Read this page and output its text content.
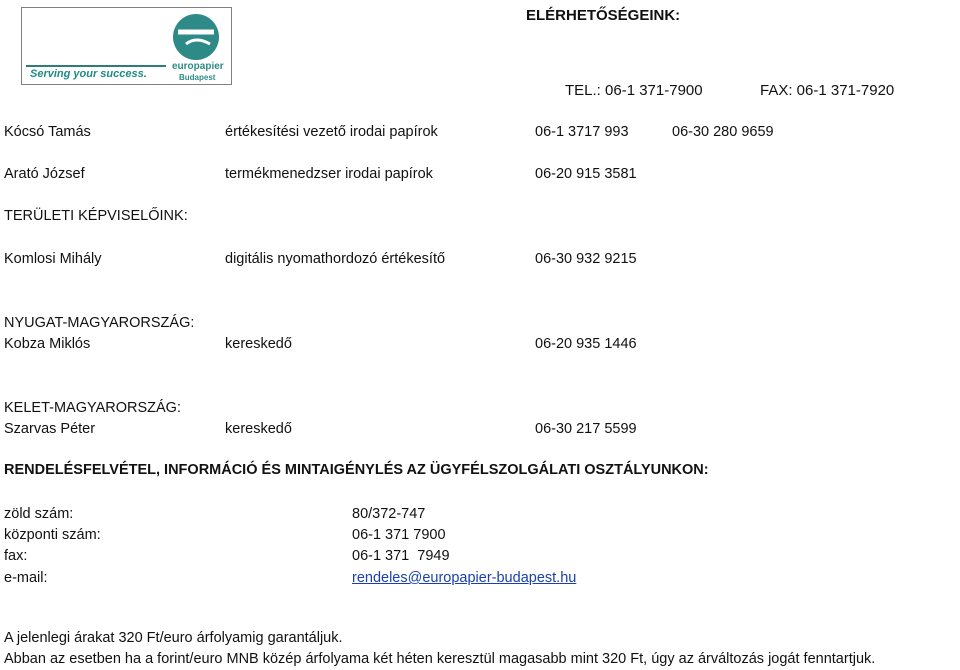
Serving your success.
europapier
Budapest
ELÉRHETŐSÉGEINK:
TEL.: 06-1 371-7900	FAX: 06-1 371-7920
Kócsó Tamás	értékesítési vezető irodai papírok	06-1 3717 993	06-30 280 9659
Arató József	termékmenedzser irodai papírok	06-20 915 3581
TERÜLETI KÉPVISELŐINK:
Komlosi Mihály	digitális nyomathordozó értékesítő	06-30 932 9215
NYUGAT-MAGYARORSZÁG:
Kobza Miklós	kereskedő	06-20 935 1446
KELET-MAGYARORSZÁG:
Szarvas Péter	kereskedő	06-30 217 5599
RENDELÉSFELVÉTEL, INFORMÁCIÓ ÉS MINTAIGÉNYLÉS AZ ÜGYFÉLSZOLGÁLATI OSZTÁLYUNKON:
zöld szám:	80/372-747
központi szám:	06-1 371 7900
fax:	06-1 371  7949
e-mail:	rendeles@europapier-budapest.hu
A jelenlegi árakat 320 Ft/euro árfolyamig garantáljuk.
Abban az esetben ha a forint/euro MNB közép árfolyama két héten keresztül magasabb mint 320 Ft, úgy az árváltozás jogát fenntartjuk.
